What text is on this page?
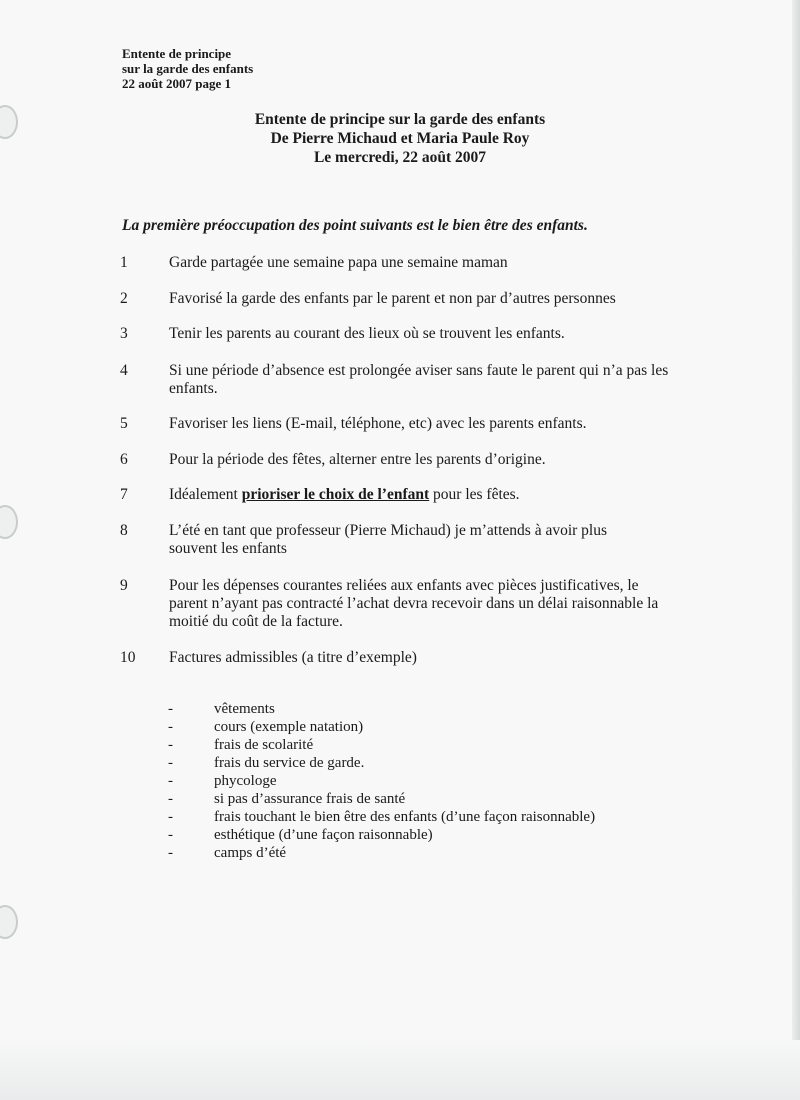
Entente de principe
sur la garde des enfants
22 août 2007 page 1
Entente de principe sur la garde des enfants
De Pierre Michaud et Maria Paule Roy
Le mercredi, 22 août 2007
La première préoccupation des point suivants est le bien être des enfants.
1	Garde partagée une semaine papa une semaine maman
2	Favorisé la garde des enfants par le parent et non par d’autres personnes
3	Tenir les parents au courant des lieux où se trouvent les enfants.
4	Si une période d’absence est prolongée aviser sans faute le parent qui n’a pas les enfants.
5	Favoriser les liens (E-mail, téléphone, etc) avec les parents enfants.
6	Pour la période des fêtes, alterner entre les parents d’origine.
7	Idéalement prioriser le choix de l’enfant pour les fêtes.
8	L’été en tant que professeur (Pierre Michaud) je m’attends à avoir plus souvent les enfants
9	Pour les dépenses courantes reliées aux enfants avec pièces justificatives, le parent n’ayant pas contracté l’achat devra recevoir dans un délai raisonnable la moitié du coût de la facture.
10 Factures admissibles (a titre d’exemple)
-	vêtements
-	cours (exemple natation)
-	frais de scolarité
-	frais du service de garde.
-	phycologe
-	si pas d’assurance frais de santé
-	frais touchant le bien être des enfants (d’une façon raisonnable)
-	esthétique (d’une façon raisonnable)
-	camps d’été
